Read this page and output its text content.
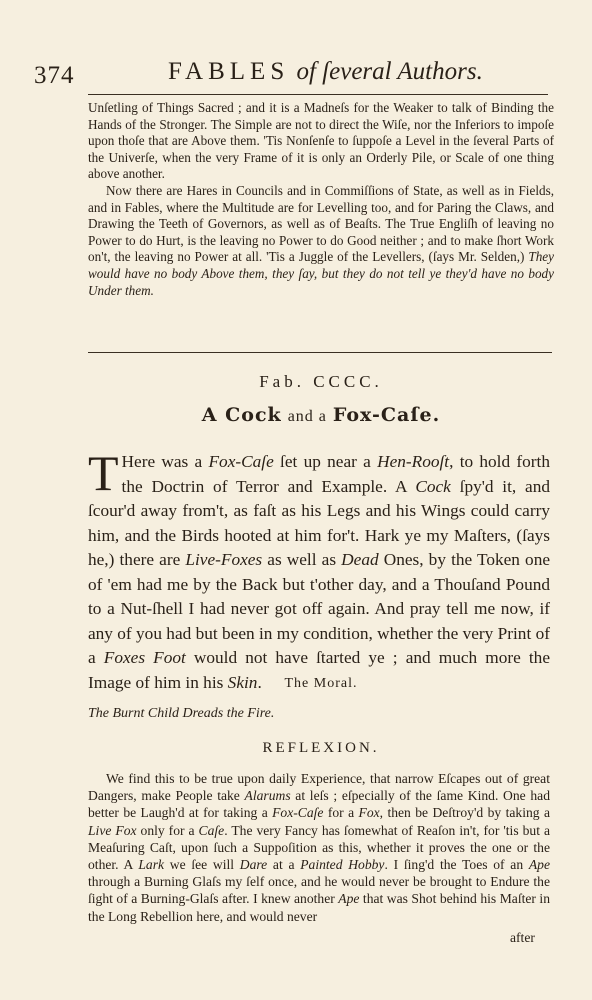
374	FABLES of ſeveral Authors.

Unſetling of Things Sacred ; and it is a Madneſs for the Weaker to talk of Binding the Hands of the Stronger. The Simple are not to direct the Wiſe, nor the Inferiors to impoſe upon thoſe that are Above them. 'Tis Nonſenſe to ſuppoſe a Level in the ſeveral Parts of the Univerſe, when the very Frame of it is only an Orderly Pile, or Scale of one thing above another.

Now there are Hares in Councils and in Commiſſions of State, as well as in Fields, and in Fables, where the Multitude are for Levelling too, and for Paring the Claws, and Drawing the Teeth of Governors, as well as of Beaſts. The True Engliſh of leaving no Power to do Hurt, is the leaving no Power to do Good neither ; and to make ſhort Work on't, the leaving no Power at all. 'Tis a Juggle of the Levellers, (ſays Mr. Selden,) They would have no body Above them, they ſay, but they do not tell ye they'd have no body Under them.

Fab. CCCC.
A Cock and a Fox-Caſe.
T Here was a Fox-Caſe ſet up near a Hen-Rooſt, to hold forth the Doctrin of Terror and Example. A Cock ſpy'd it, and ſcour'd away from't, as faſt as his Legs and his Wings could carry him, and the Birds hooted at him for't. Hark ye my Maſters, (ſays he,) there are Live-Foxes as well as Dead Ones, by the Token one of 'em had me by the Back but t'other day, and a Thouſand Pound to a Nut-ſhell I had never got off again. And pray tell me now, if any of you had but been in my condition, whether the very Print of a Foxes Foot would not have ſtarted ye ; and much more the Image of him in his Skin.	The Moral.
The Burnt Child Dreads the Fire.
REFLEXION.

We find this to be true upon daily Experience, that narrow Eſcapes out of great Dangers, make People take Alarums at leſs ; eſpecially of the ſame Kind. One had better be Laugh'd at for taking a Fox-Caſe for a Fox, then be Deſtroy'd by taking a Live Fox only for a Caſe. The very Fancy has ſomewhat of Reaſon in't, for 'tis but a Meaſuring Caſt, upon ſuch a Suppoſition as this, whether it proves the one or the other. A Lark we ſee will Dare at a Painted Hobby. I ſing'd the Toes of an Ape through a Burning Glaſs my ſelf once, and he would never be brought to Endure the ſight of a Burning-Glaſs after. I knew another Ape that was Shot behind his Maſter in the Long Rebellion here, and would never

after
